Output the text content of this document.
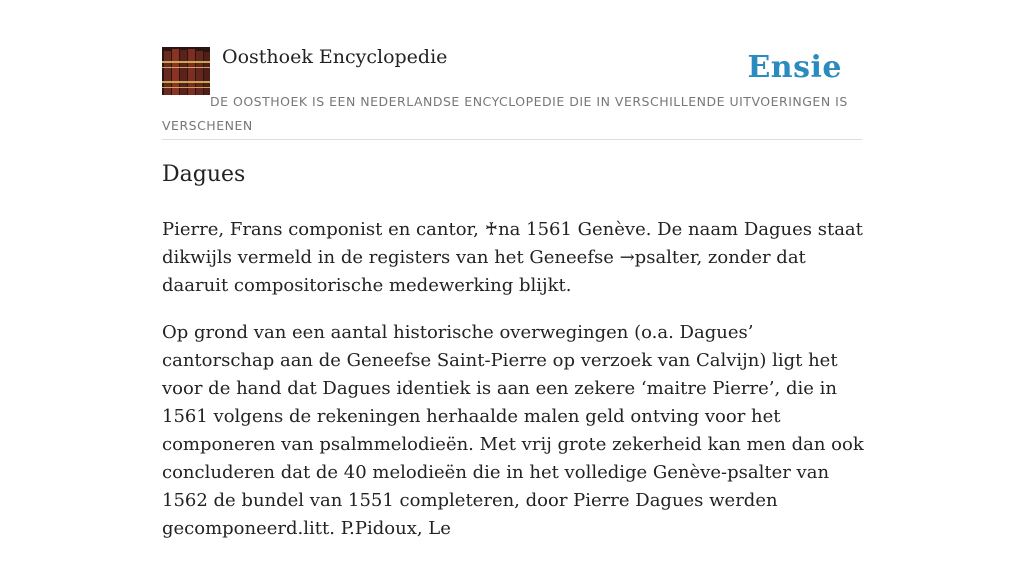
Oosthoek Encyclopedie	Ensie
DE OOSTHOEK IS EEN NEDERLANDSE ENCYCLOPEDIE DIE IN VERSCHILLENDE UITVOERINGEN IS VERSCHENEN
Dagues

Pierre, Frans componist en cantor, ♰na 1561 Genève. De naam Dagues staat dikwijls vermeld in de registers van het Geneefse →psalter, zonder dat daaruit compositorische medewerking blijkt.

Op grond van een aantal historische overwegingen (o.a. Dagues’ cantorschap aan de Geneefse Saint-Pierre op verzoek van Calvijn) ligt het voor de hand dat Dagues identiek is aan een zekere ‘maitre Pierre’, die in 1561 volgens de rekeningen herhaalde malen geld ontving voor het componeren van psalmmelodieën. Met vrij grote zekerheid kan men dan ook concluderen dat de 40 melodieën die in het volledige Genève-psalter van 1562 de bundel van 1551 completeren, door Pierre Dagues werden gecomponeerd.litt. P.Pidoux, Le
